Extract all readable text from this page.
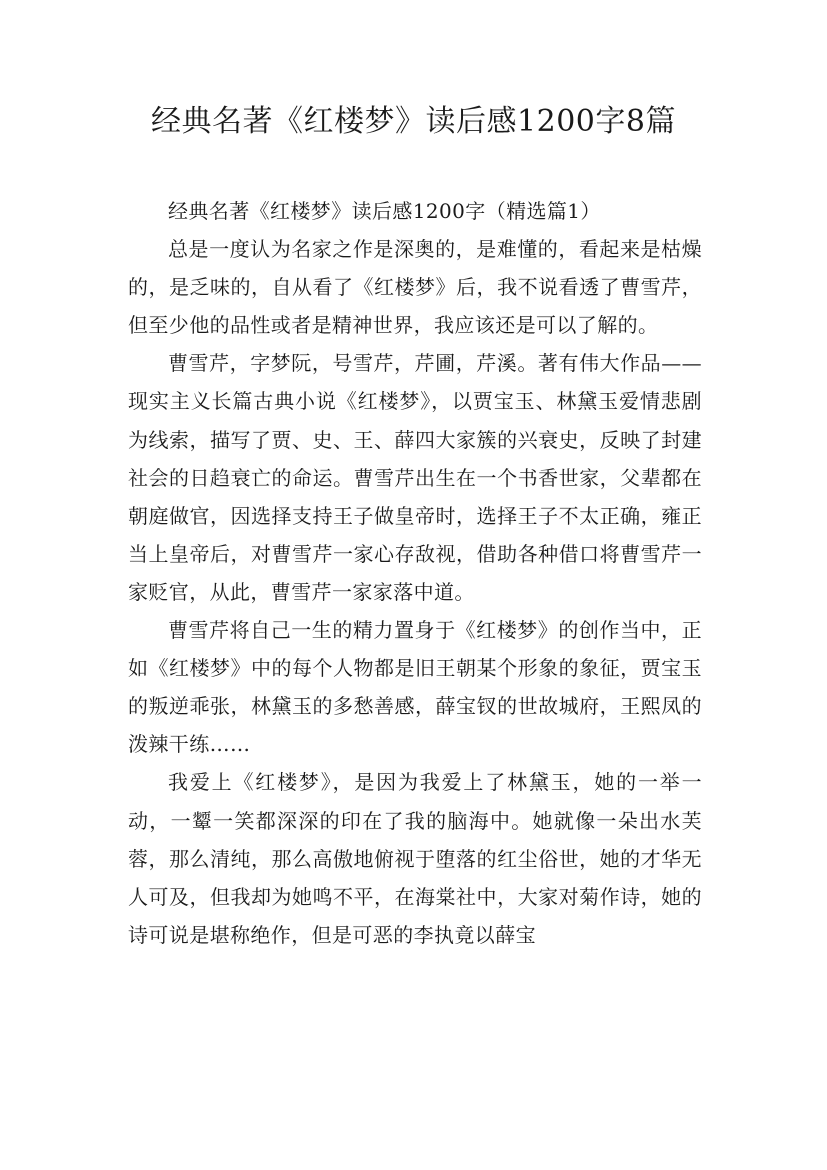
经典名著《红楼梦》读后感1200字8篇

经典名著《红楼梦》读后感1200字（精选篇1）

总是一度认为名家之作是深奥的，是难懂的，看起来是枯燥的，是乏味的，自从看了《红楼梦》后，我不说看透了曹雪芹，但至少他的品性或者是精神世界，我应该还是可以了解的。

曹雪芹，字梦阮，号雪芹，芹圃，芹溪。著有伟大作品——现实主义长篇古典小说《红楼梦》，以贾宝玉、林黛玉爱情悲剧为线索，描写了贾、史、王、薛四大家簇的兴衰史，反映了封建社会的日趋衰亡的命运。曹雪芹出生在一个书香世家，父辈都在朝庭做官，因选择支持王子做皇帝时，选择王子不太正确，雍正当上皇帝后，对曹雪芹一家心存敌视，借助各种借口将曹雪芹一家贬官，从此，曹雪芹一家家落中道。

曹雪芹将自己一生的精力置身于《红楼梦》的创作当中，正如《红楼梦》中的每个人物都是旧王朝某个形象的象征，贾宝玉的叛逆乖张，林黛玉的多愁善感，薛宝钗的世故城府，王熙凤的泼辣干练……

我爱上《红楼梦》，是因为我爱上了林黛玉，她的一举一动，一颦一笑都深深的印在了我的脑海中。她就像一朵出水芙蓉，那么清纯，那么高傲地俯视于堕落的红尘俗世，她的才华无人可及，但我却为她鸣不平，在海棠社中，大家对菊作诗，她的诗可说是堪称绝作，但是可恶的李执竟以薛宝
